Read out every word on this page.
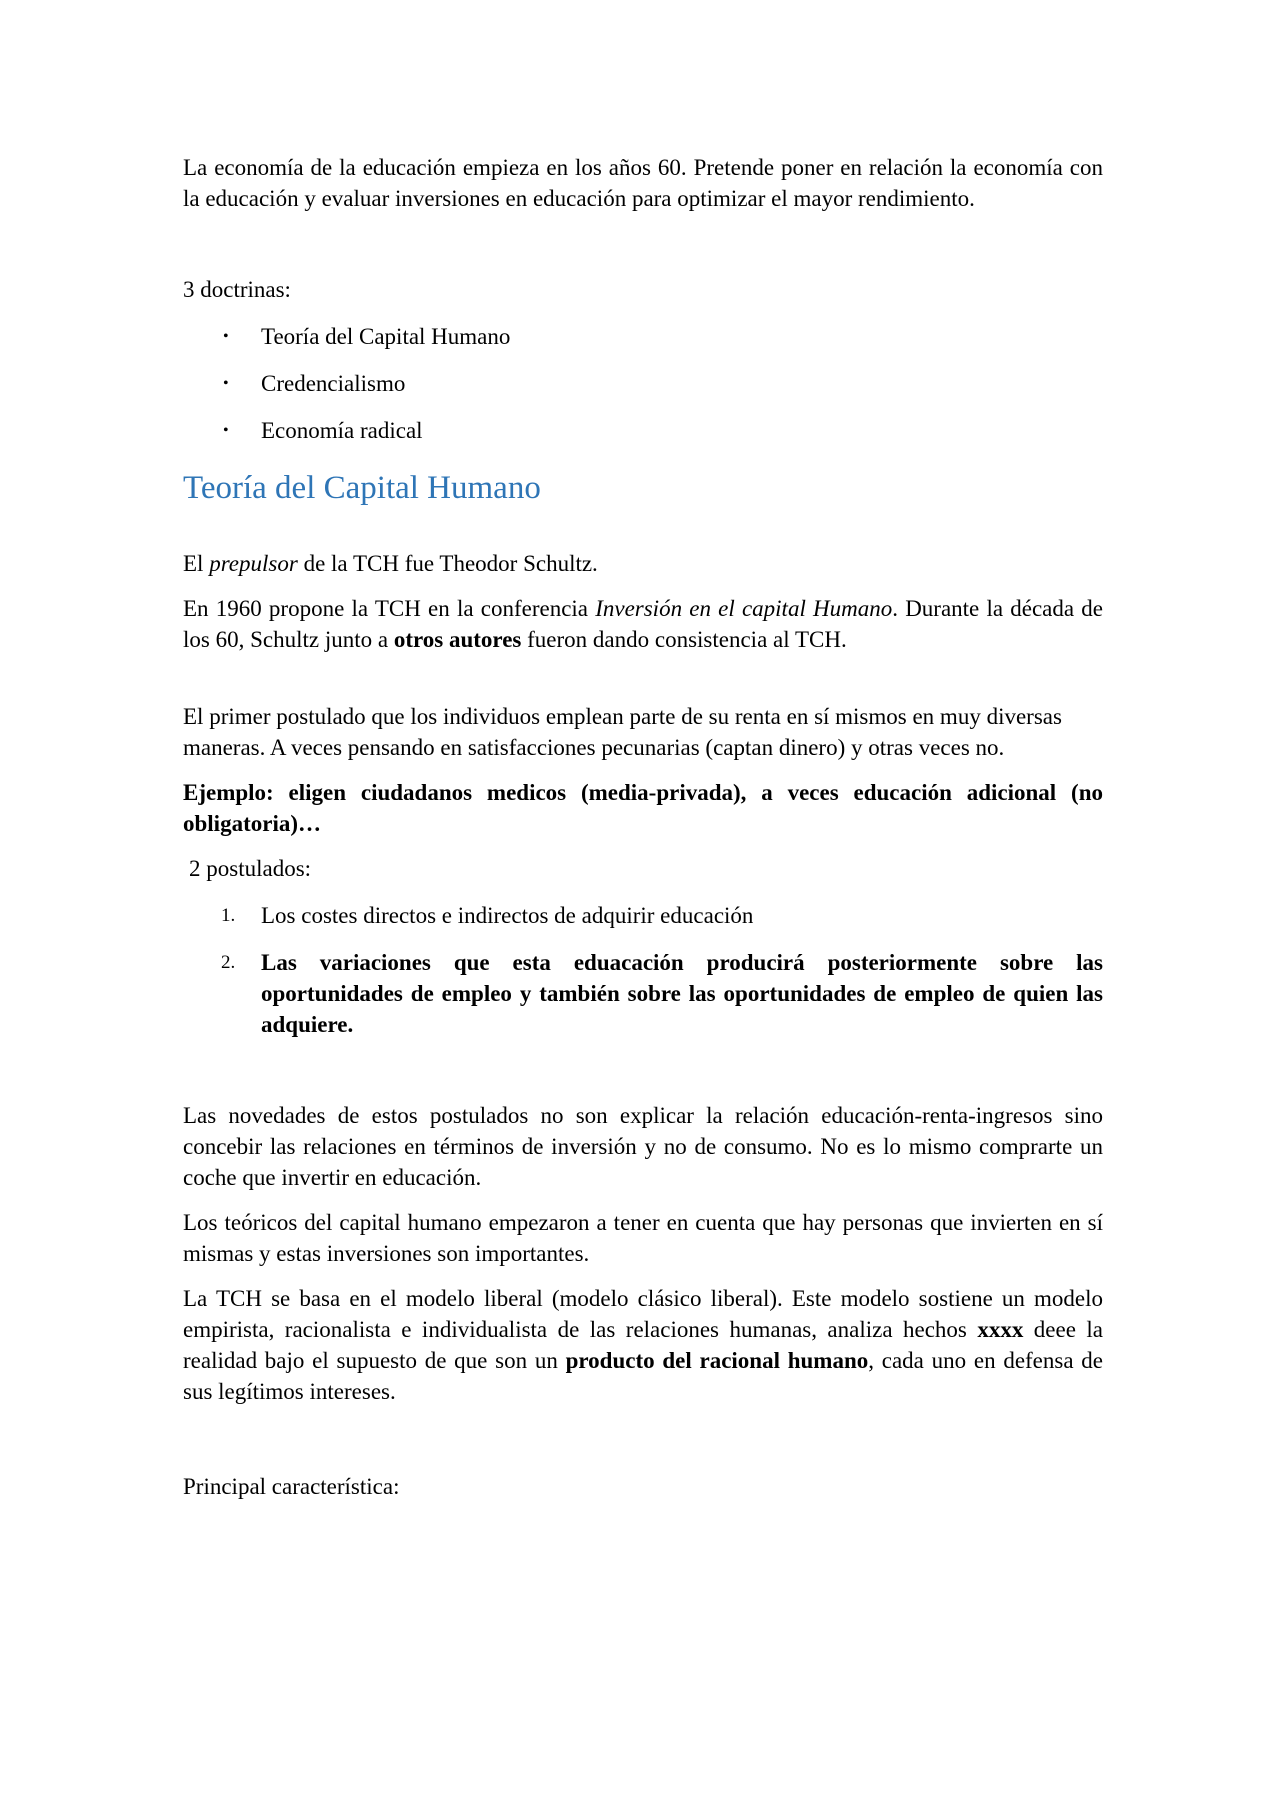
La economía de la educación empieza en los años 60. Pretende poner en relación la economía con la educación y evaluar inversiones en educación para optimizar el mayor rendimiento.

3 doctrinas:

• Teoría del Capital Humano
• Credencialismo
• Economía radical
Teoría del Capital Humano

El prepulsor de la TCH fue Theodor Schultz.

En 1960 propone la TCH en la conferencia Inversión en el capital Humano. Durante la década de los 60, Schultz junto a otros autores fueron dando consistencia al TCH.

El primer postulado que los individuos emplean parte de su renta en sí mismos en muy diversas maneras. A veces pensando en satisfacciones pecunarias (captan dinero) y otras veces no.

Ejemplo: eligen ciudadanos medicos (media-privada), a veces educación adicional (no obligatoria)…

2 postulados:

1. Los costes directos e indirectos de adquirir educación
2. Las variaciones que esta eduacación producirá posteriormente sobre las oportunidades de empleo y también sobre las oportunidades de empleo de quien las adquiere.

Las novedades de estos postulados no son explicar la relación educación-renta-ingresos sino concebir las relaciones en términos de inversión y no de consumo. No es lo mismo comprarte un coche que invertir en educación.

Los teóricos del capital humano empezaron a tener en cuenta que hay personas que invierten en sí mismas y estas inversiones son importantes.

La TCH se basa en el modelo liberal (modelo clásico liberal). Este modelo sostiene un modelo empirista, racionalista e individualista de las relaciones humanas, analiza hechos xxxx deee la realidad bajo el supuesto de que son un producto del racional humano, cada uno en defensa de sus legítimos intereses.

Principal característica:
